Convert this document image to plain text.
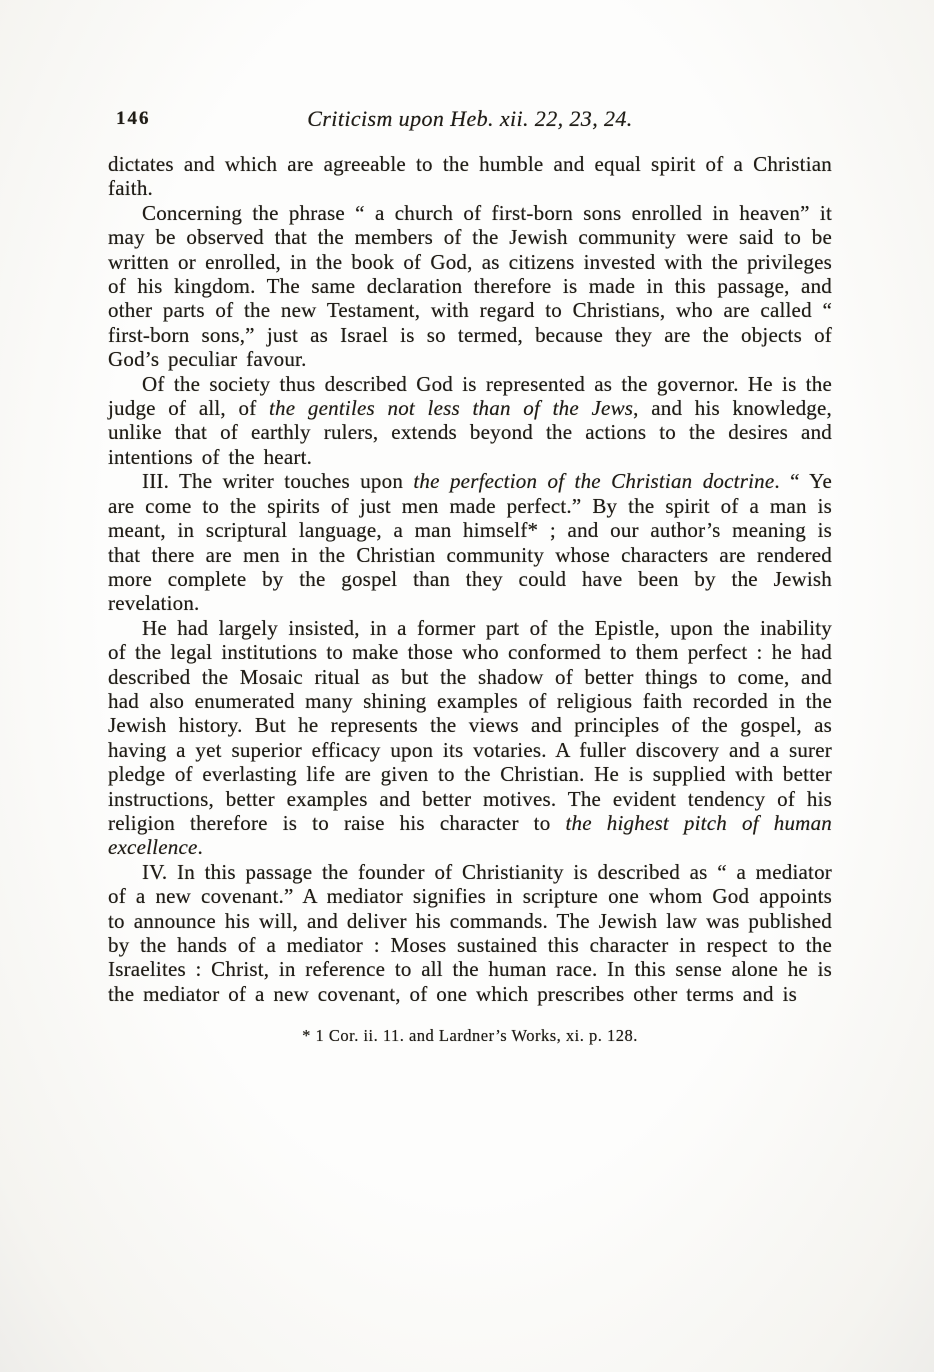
146	Criticism upon Heb. xii. 22, 23, 24.

dictates and which are agreeable to the humble and equal spirit of a Christian faith.

Concerning the phrase “ a church of first-born sons enrolled in heaven” it may be observed that the members of the Jewish community were said to be written or enrolled, in the book of God, as citizens invested with the privileges of his kingdom. The same declaration therefore is made in this passage, and other parts of the new Testament, with regard to Christians, who are called “ first-born sons,” just as Israel is so termed, because they are the objects of God’s peculiar favour.

Of the society thus described God is represented as the governor. He is the judge of all, of the gentiles not less than of the Jews, and his knowledge, unlike that of earthly rulers, extends beyond the actions to the desires and intentions of the heart.

III. The writer touches upon the perfection of the Christian doctrine. “ Ye are come to the spirits of just men made perfect.” By the spirit of a man is meant, in scriptural language, a man himself* ; and our author’s meaning is that there are men in the Christian community whose characters are rendered more complete by the gospel than they could have been by the Jewish revelation.

He had largely insisted, in a former part of the Epistle, upon the inability of the legal institutions to make those who conformed to them perfect : he had described the Mosaic ritual as but the shadow of better things to come, and had also enumerated many shining examples of religious faith recorded in the Jewish history. But he represents the views and principles of the gospel, as having a yet superior efficacy upon its votaries. A fuller discovery and a surer pledge of everlasting life are given to the Christian. He is supplied with better instructions, better examples and better motives. The evident tendency of his religion therefore is to raise his character to the highest pitch of human excellence.

IV. In this passage the founder of Christianity is described as “ a mediator of a new covenant.” A mediator signifies in scripture one whom God appoints to announce his will, and deliver his commands. The Jewish law was published by the hands of a mediator : Moses sustained this character in respect to the Israelites : Christ, in reference to all the human race. In this sense alone he is the mediator of a new covenant, of one which prescribes other terms and is

* 1 Cor. ii. 11. and Lardner’s Works, xi. p. 128.
